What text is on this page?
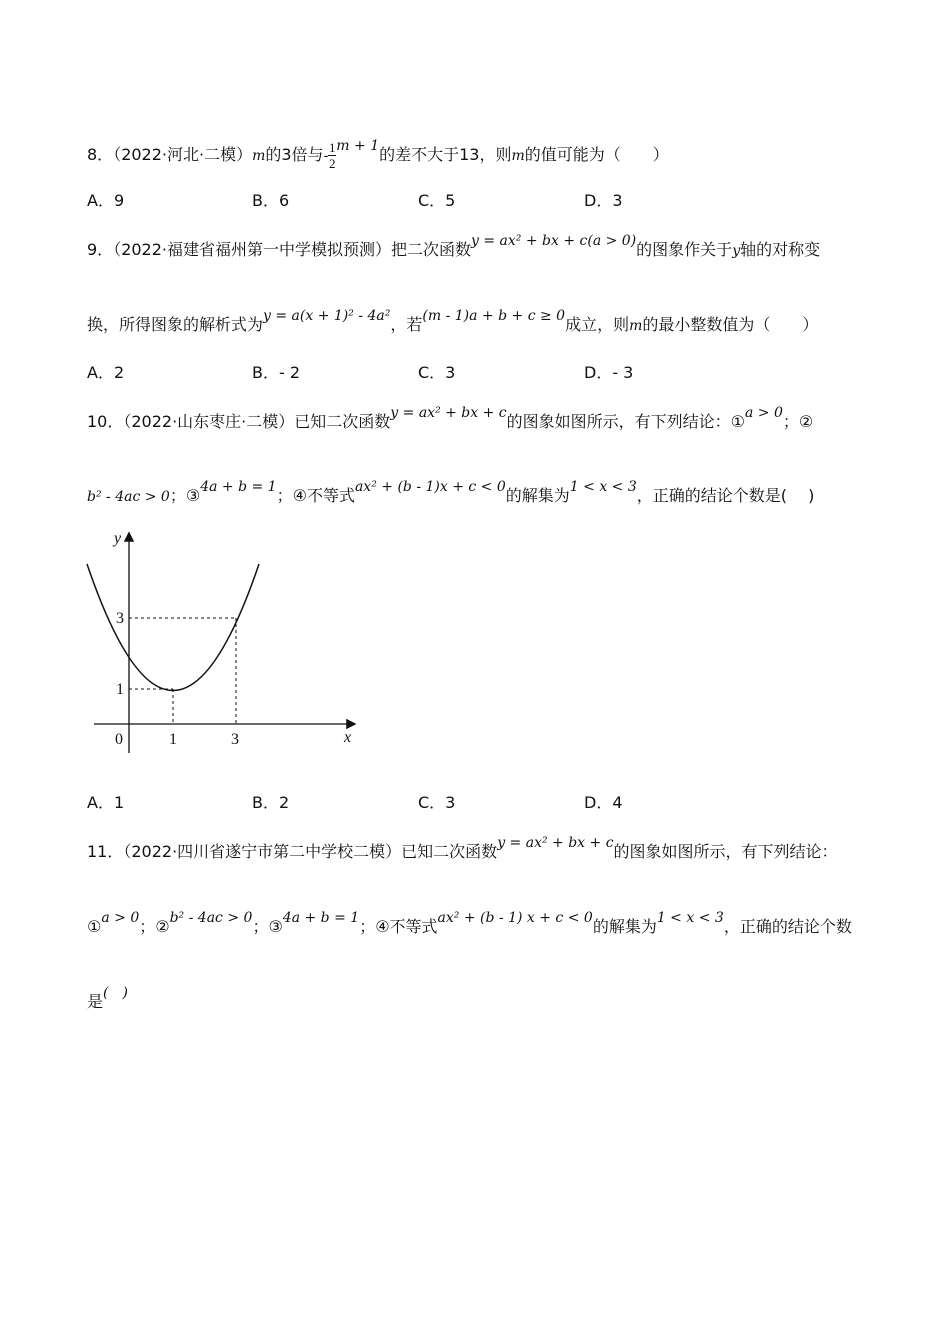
8．（2022·河北·二模）m的3倍与- $\frac{1}{2}$ m + 1的差不大于13，则m的值可能为（　　）
A．9	B．6	C．5	D．3
9．（2022·福建省福州第一中学模拟预测）把二次函数y = ax² + bx + c(a > 0)的图象作关于y轴的对称变
换，所得图象的解析式为y = a(x + 1)² - 4a²，若(m - 1)a + b + c ≥ 0成立，则m的最小整数值为（　　）
A．2	B．- 2	C．3	D．- 3
10．（2022·山东枣庄·二模）已知二次函数y = ax² + bx + c的图象如图所示，有下列结论：①a > 0；②
b² - 4ac > 0；③4a + b = 1；④不等式ax² + (b - 1)x + c < 0的解集为1 < x < 3，正确的结论个数是(　 )
y
x
0	1	3
3
1
A．1	B．2	C．3	D．4
11．（2022·四川省遂宁市第二中学校二模）已知二次函数y = ax² + bx + c的图象如图所示，有下列结论：
①a > 0；②b² - 4ac > 0；③4a + b = 1；④不等式ax² + (b - 1) x + c < 0的解集为1 < x < 3，正确的结论个数
是(　)
